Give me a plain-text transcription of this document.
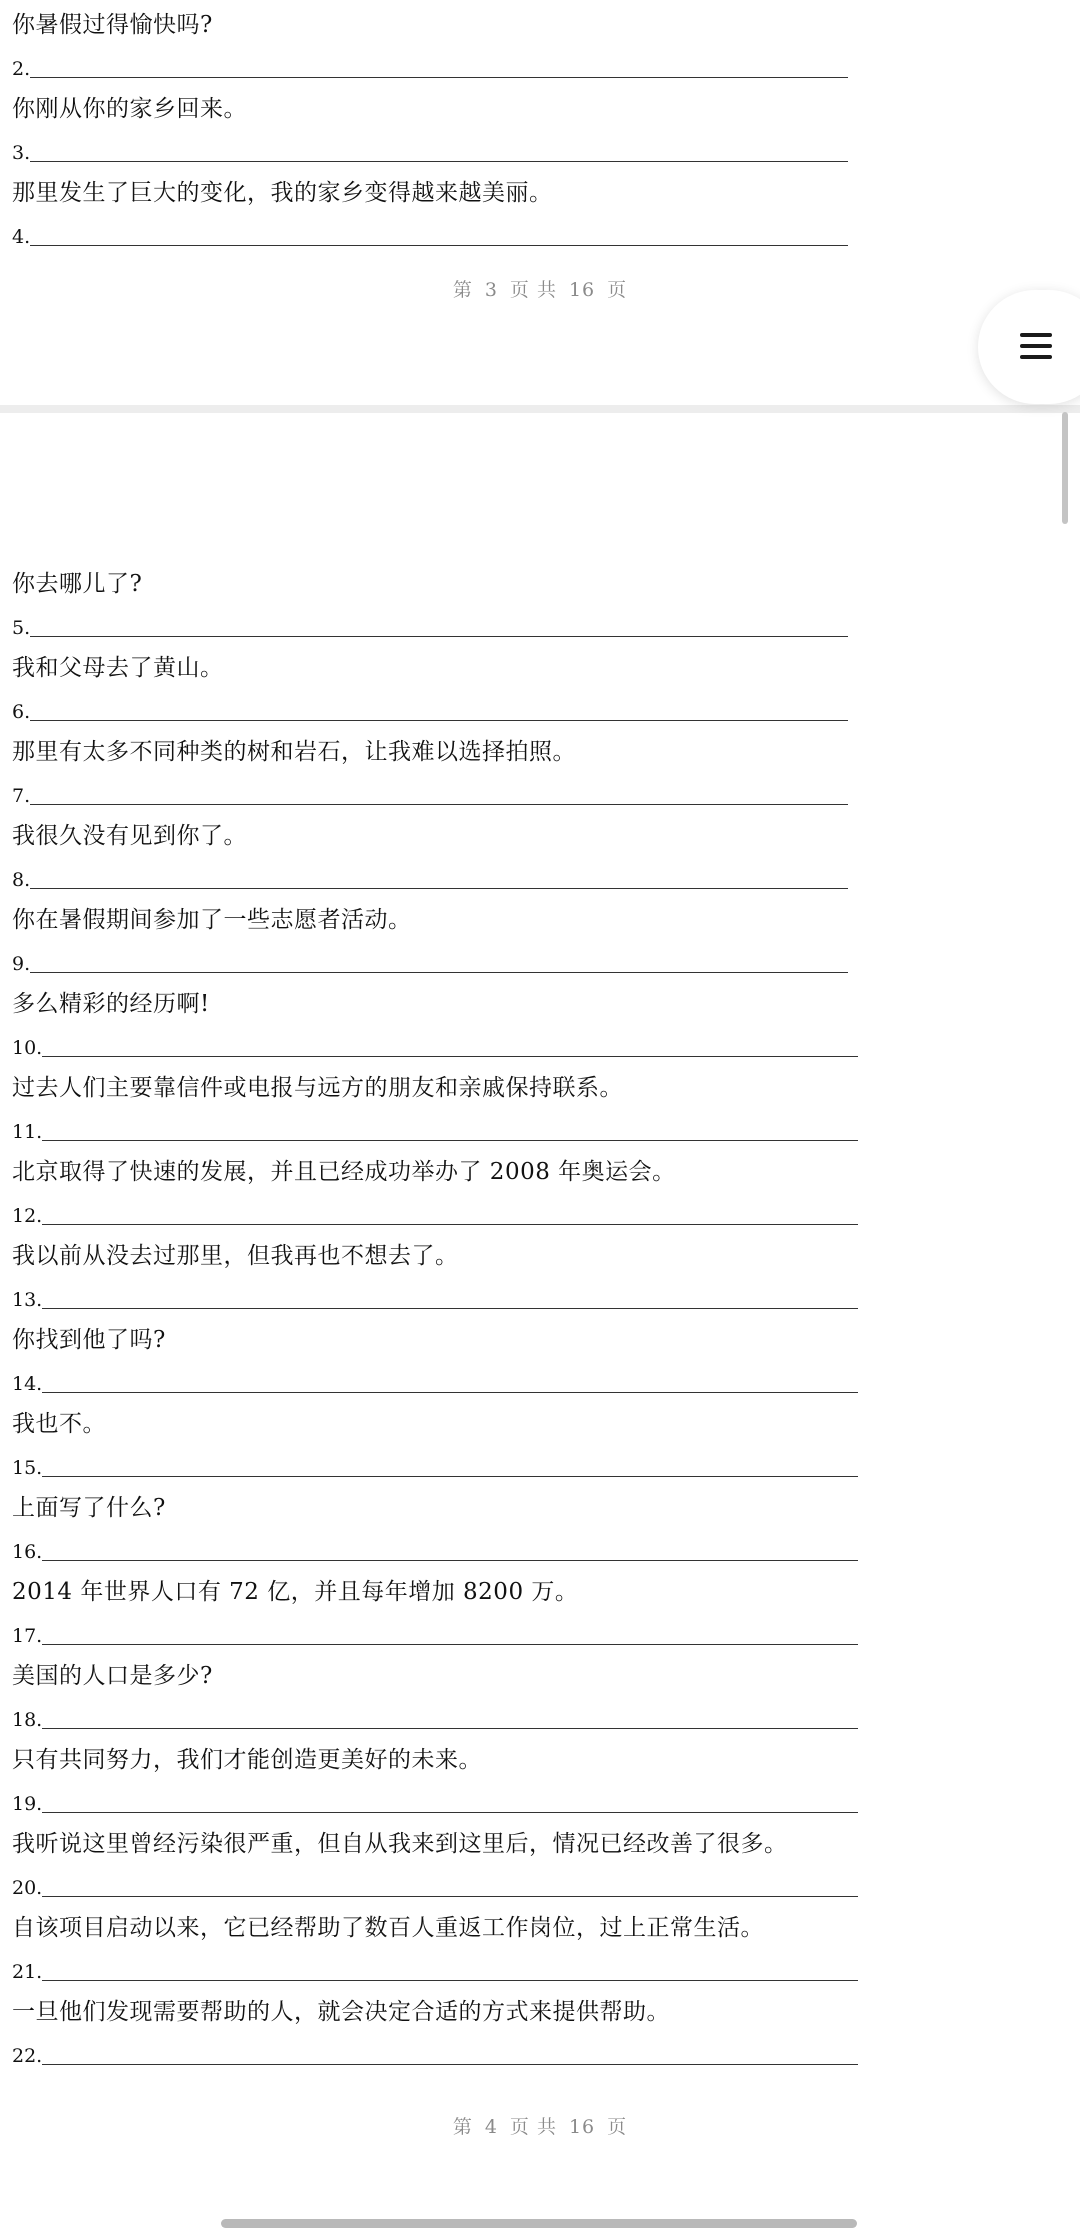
你暑假过得愉快吗?
2.
你刚从你的家乡回来。
3.
那里发生了巨大的变化，我的家乡变得越来越美丽。
4.
第 3 页 共 16 页
你去哪儿了?
5.
我和父母去了黄山。
6.
那里有太多不同种类的树和岩石，让我难以选择拍照。
7.
我很久没有见到你了。
8.
你在暑假期间参加了一些志愿者活动。
9.
多么精彩的经历啊!
10.
过去人们主要靠信件或电报与远方的朋友和亲戚保持联系。
11.
北京取得了快速的发展，并且已经成功举办了 2008 年奥运会。
12.
我以前从没去过那里，但我再也不想去了。
13.
你找到他了吗?
14.
我也不。
15.
上面写了什么?
16.
2014 年世界人口有 72 亿，并且每年增加 8200 万。
17.
美国的人口是多少?
18.
只有共同努力，我们才能创造更美好的未来。
19.
我听说这里曾经污染很严重，但自从我来到这里后，情况已经改善了很多。
20.
自该项目启动以来，它已经帮助了数百人重返工作岗位，过上正常生活。
21.
一旦他们发现需要帮助的人，就会决定合适的方式来提供帮助。
22.
第 4 页 共 16 页
